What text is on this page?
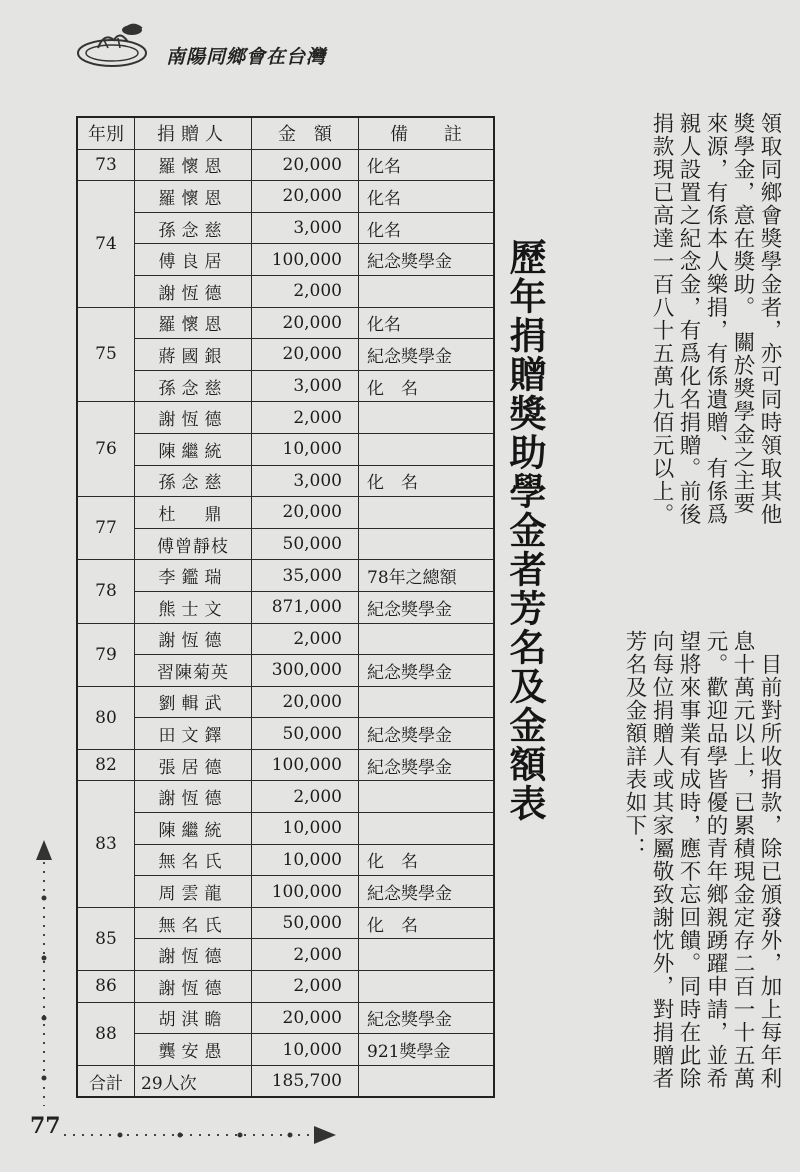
南陽同鄉會在台灣
年別	捐贈人	金　額	備　　註
73	羅懷恩	20,000	化名
74	羅懷恩	20,000	化名
	孫念慈	3,000	化名
	傅良居	100,000	紀念獎學金
	謝恆德	2,000	
75	羅懷恩	20,000	化名
	蔣國銀	20,000	紀念獎學金
	孫念慈	3,000	化　名
76	謝恆德	2,000	
	陳繼統	10,000	
	孫念慈	3,000	化　名
77	杜　鼎	20,000	
	傅曾靜枝	50,000	
78	李鑑瑞	35,000	78年之總額
	熊士文	871,000	紀念獎學金
79	謝恆德	2,000	
	習陳菊英	300,000	紀念獎學金
80	劉輯武	20,000	
	田文鐸	50,000	紀念獎學金
82	張居德	100,000	紀念獎學金
83	謝恆德	2,000	
	陳繼統	10,000	
	無名氏	10,000	化　名
	周雲龍	100,000	紀念獎學金
85	無名氏	50,000	化　名
	謝恆德	2,000	
86	謝恆德	2,000	
88	胡淇瞻	20,000	紀念獎學金
	龔安愚	10,000	921獎學金
合計	29人次	185,700	
歷年捐贈獎助學金者芳名及金額表	領取同鄉會獎學金者，亦可同時領取其他獎學金，意在獎助。　關於獎學金之主要來源，有係本人樂捐，有係遺贈、有係爲親人設置之紀念金，有爲化名捐贈。前後捐款現已高達一百八十五萬九佰元以上。
　目前對所收捐款，除已頒發外，加上每年利息十萬元以上，已累積現金定存二百一十五萬元。歡迎品學皆優的青年鄉親踴躍申請，並希望將來事業有成時，應不忘回饋。同時在此除向每位捐贈人或其家屬敬致謝忱外，對捐贈者芳名及金額詳表如下：
77
